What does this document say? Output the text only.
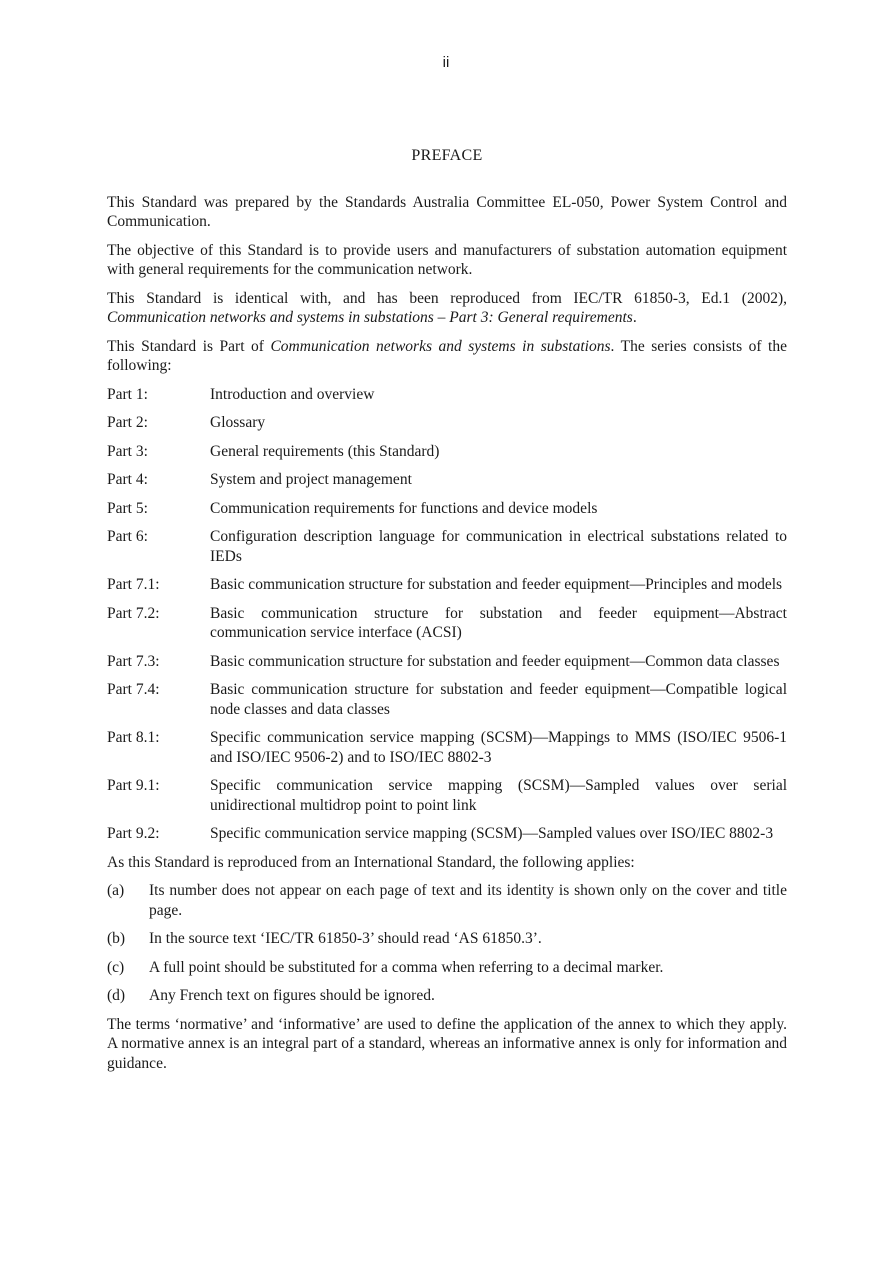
ii
PREFACE

This Standard was prepared by the Standards Australia Committee EL-050, Power System Control and Communication.

The objective of this Standard is to provide users and manufacturers of substation automation equipment with general requirements for the communication network.

This Standard is identical with, and has been reproduced from IEC/TR 61850-3, Ed.1 (2002), Communication networks and systems in substations – Part 3: General requirements.

This Standard is Part of Communication networks and systems in substations. The series consists of the following:

Part 1:	Introduction and overview
Part 2:	Glossary
Part 3:	General requirements (this Standard)
Part 4:	System and project management
Part 5:	Communication requirements for functions and device models
Part 6:	Configuration description language for communication in electrical substations related to IEDs
Part 7.1:	Basic communication structure for substation and feeder equipment—Principles and models
Part 7.2:	Basic communication structure for substation and feeder equipment—Abstract communication service interface (ACSI)
Part 7.3:	Basic communication structure for substation and feeder equipment—Common data classes
Part 7.4:	Basic communication structure for substation and feeder equipment—Compatible logical node classes and data classes
Part 8.1:	Specific communication service mapping (SCSM)—Mappings to MMS (ISO/IEC 9506-1 and ISO/IEC 9506-2) and to ISO/IEC 8802-3
Part 9.1:	Specific communication service mapping (SCSM)—Sampled values over serial unidirectional multidrop point to point link
Part 9.2:	Specific communication service mapping (SCSM)—Sampled values over ISO/IEC 8802-3

As this Standard is reproduced from an International Standard, the following applies:

(a)	Its number does not appear on each page of text and its identity is shown only on the cover and title page.
(b)	In the source text ‘IEC/TR 61850-3’ should read ‘AS 61850.3’.
(c)	A full point should be substituted for a comma when referring to a decimal marker.
(d)	Any French text on figures should be ignored.

The terms ‘normative’ and ‘informative’ are used to define the application of the annex to which they apply. A normative annex is an integral part of a standard, whereas an informative annex is only for information and guidance.
